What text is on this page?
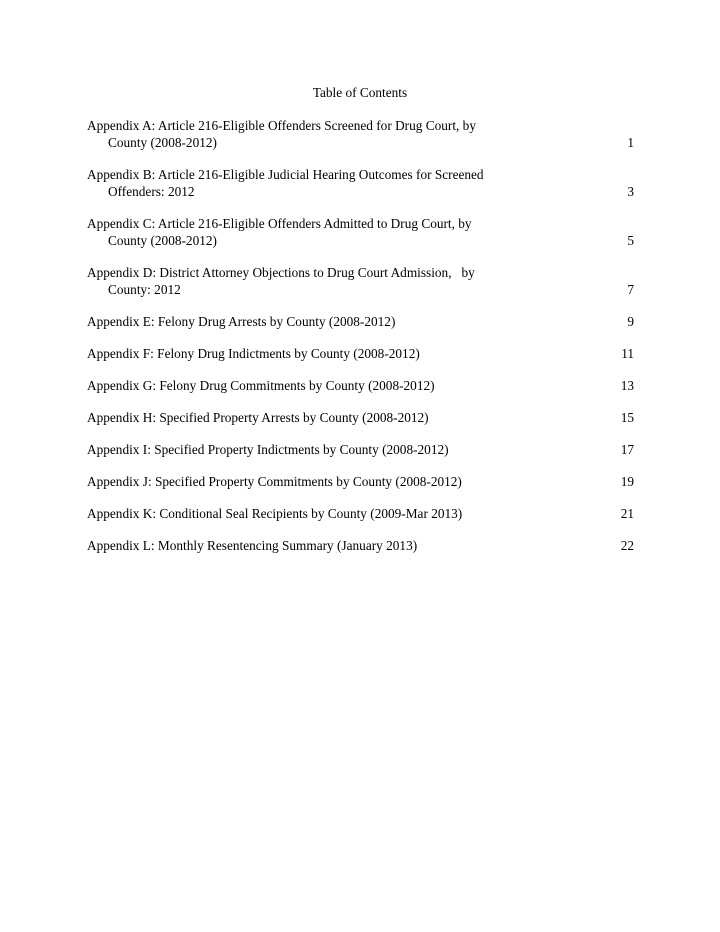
Table of Contents
Appendix A: Article 216-Eligible Offenders Screened for Drug Court, by
County (2008-2012)	1
Appendix B: Article 216-Eligible Judicial Hearing Outcomes for Screened
Offenders: 2012	3
Appendix C: Article 216-Eligible Offenders Admitted to Drug Court, by
County (2008-2012)	5
Appendix D: District Attorney Objections to Drug Court Admission,   by
County: 2012	7
Appendix E: Felony Drug Arrests by County (2008-2012)	9
Appendix F: Felony Drug Indictments by County (2008-2012)	11
Appendix G: Felony Drug Commitments by County (2008-2012)	13
Appendix H: Specified Property Arrests by County (2008-2012)	15
Appendix I: Specified Property Indictments by County (2008-2012)	17
Appendix J: Specified Property Commitments by County (2008-2012)	19
Appendix K: Conditional Seal Recipients by County (2009-Mar 2013)	21
Appendix L: Monthly Resentencing Summary (January 2013)	22
